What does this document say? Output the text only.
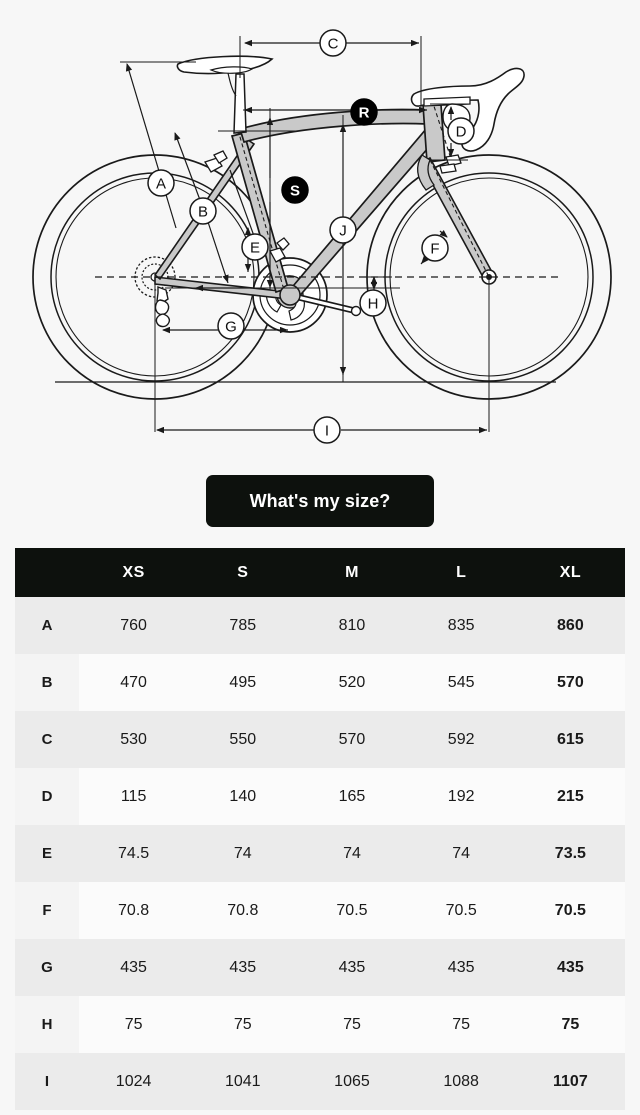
A
B
C
D
E	F
G
H
I
J
R
S
What's my size?
	XS	S	M	L	XL
A	760	785	810	835	860
B	470	495	520	545	570
C	530	550	570	592	615
D	115	140	165	192	215
E	74.5	74	74	74	73.5
F	70.8	70.8	70.5	70.5	70.5
G	435	435	435	435	435
H	75	75	75	75	75
I	1024	1041	1065	1088	1107
